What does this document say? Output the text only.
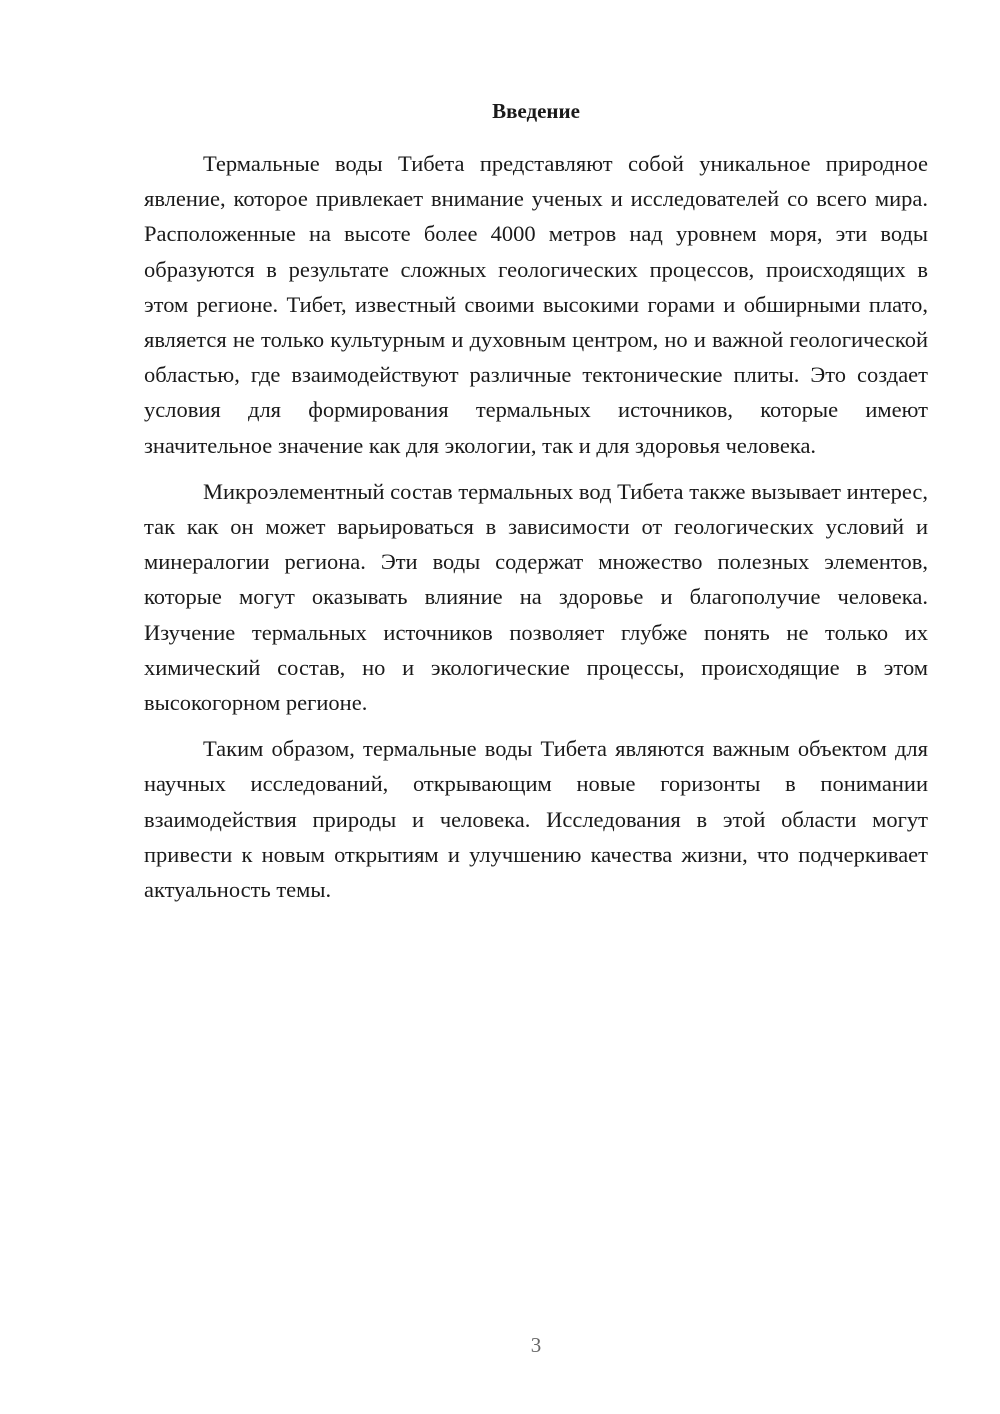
Введение

Термальные воды Тибета представляют собой уникальное природное явление, которое привлекает внимание ученых и исследователей со всего мира. Расположенные на высоте более 4000 метров над уровнем моря, эти воды образуются в результате сложных геологических процессов, происходящих в этом регионе. Тибет, известный своими высокими горами и обширными плато, является не только культурным и духовным центром, но и важной геологической областью, где взаимодействуют различные тектонические плиты. Это создает условия для формирования термальных источников, которые имеют значительное значение как для экологии, так и для здоровья человека.

Микроэлементный состав термальных вод Тибета также вызывает интерес, так как он может варьироваться в зависимости от геологических условий и минералогии региона. Эти воды содержат множество полезных элементов, которые могут оказывать влияние на здоровье и благополучие человека. Изучение термальных источников позволяет глубже понять не только их химический состав, но и экологические процессы, происходящие в этом высокогорном регионе.

Таким образом, термальные воды Тибета являются важным объектом для научных исследований, открывающим новые горизонты в понимании взаимодействия природы и человека. Исследования в этой области могут привести к новым открытиям и улучшению качества жизни, что подчеркивает актуальность темы.

3
